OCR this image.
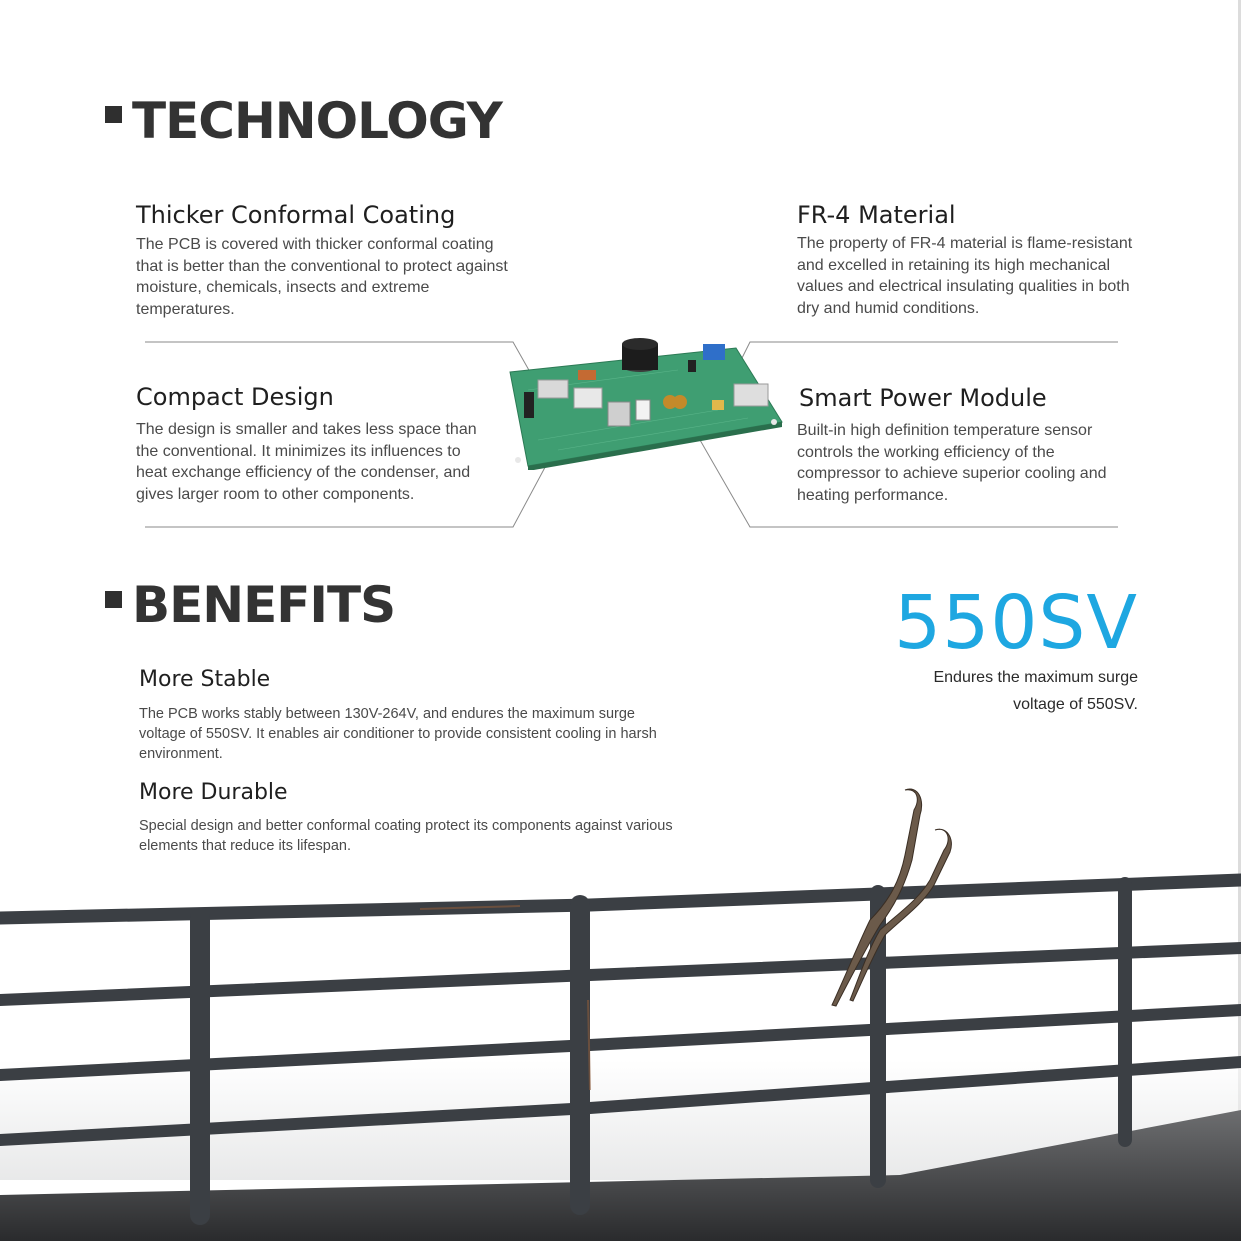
TECHNOLOGY
Thicker Conformal Coating

The PCB is covered with thicker conformal coating that is better than the conventional to protect against moisture, chemicals, insects and extreme temperatures.

FR-4 Material

The property of FR-4 material is flame-resistant and excelled in retaining its high mechanical values and electrical insulating qualities in both dry and humid conditions.

Compact Design

The design is smaller and takes less space than the conventional. It minimizes its influences to heat exchange efficiency of the condenser, and gives larger room to other components.

Smart Power Module

Built-in high definition temperature sensor controls the working efficiency of the compressor to achieve superior cooling and heating performance.

BENEFITS
More Stable

The PCB works stably between 130V-264V, and endures the maximum surge voltage of 550SV. It enables air conditioner to provide consistent cooling in harsh environment.

More Durable

Special design and better conformal coating protect its components against various elements that reduce its lifespan.

550SV

Endures the maximum surge
voltage of 550SV.
